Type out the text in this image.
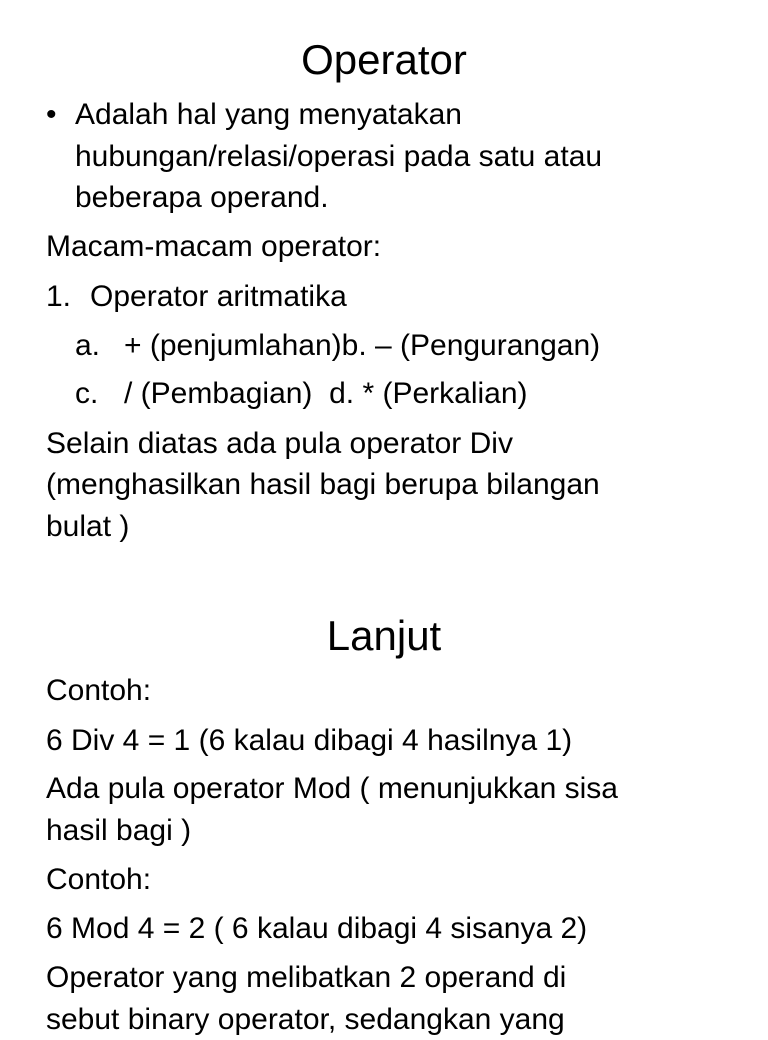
Operator
• Adalah hal yang menyatakan

hubungan/relasi/operasi pada satu atau

beberapa operand.

Macam-macam operator:

1. Operator aritmatika

a. + (penjumlahan)b. – (Pengurangan)

c. / (Pembagian)  d. * (Perkalian)

Selain diatas ada pula operator Div

(menghasilkan hasil bagi berupa bilangan

bulat )

Lanjut

Contoh:

6 Div 4 = 1 (6 kalau dibagi 4 hasilnya 1)

Ada pula operator Mod ( menunjukkan sisa

hasil bagi )

Contoh:

6 Mod 4 = 2 ( 6 kalau dibagi 4 sisanya 2)

Operator yang melibatkan 2 operand di

sebut binary operator, sedangkan yang
